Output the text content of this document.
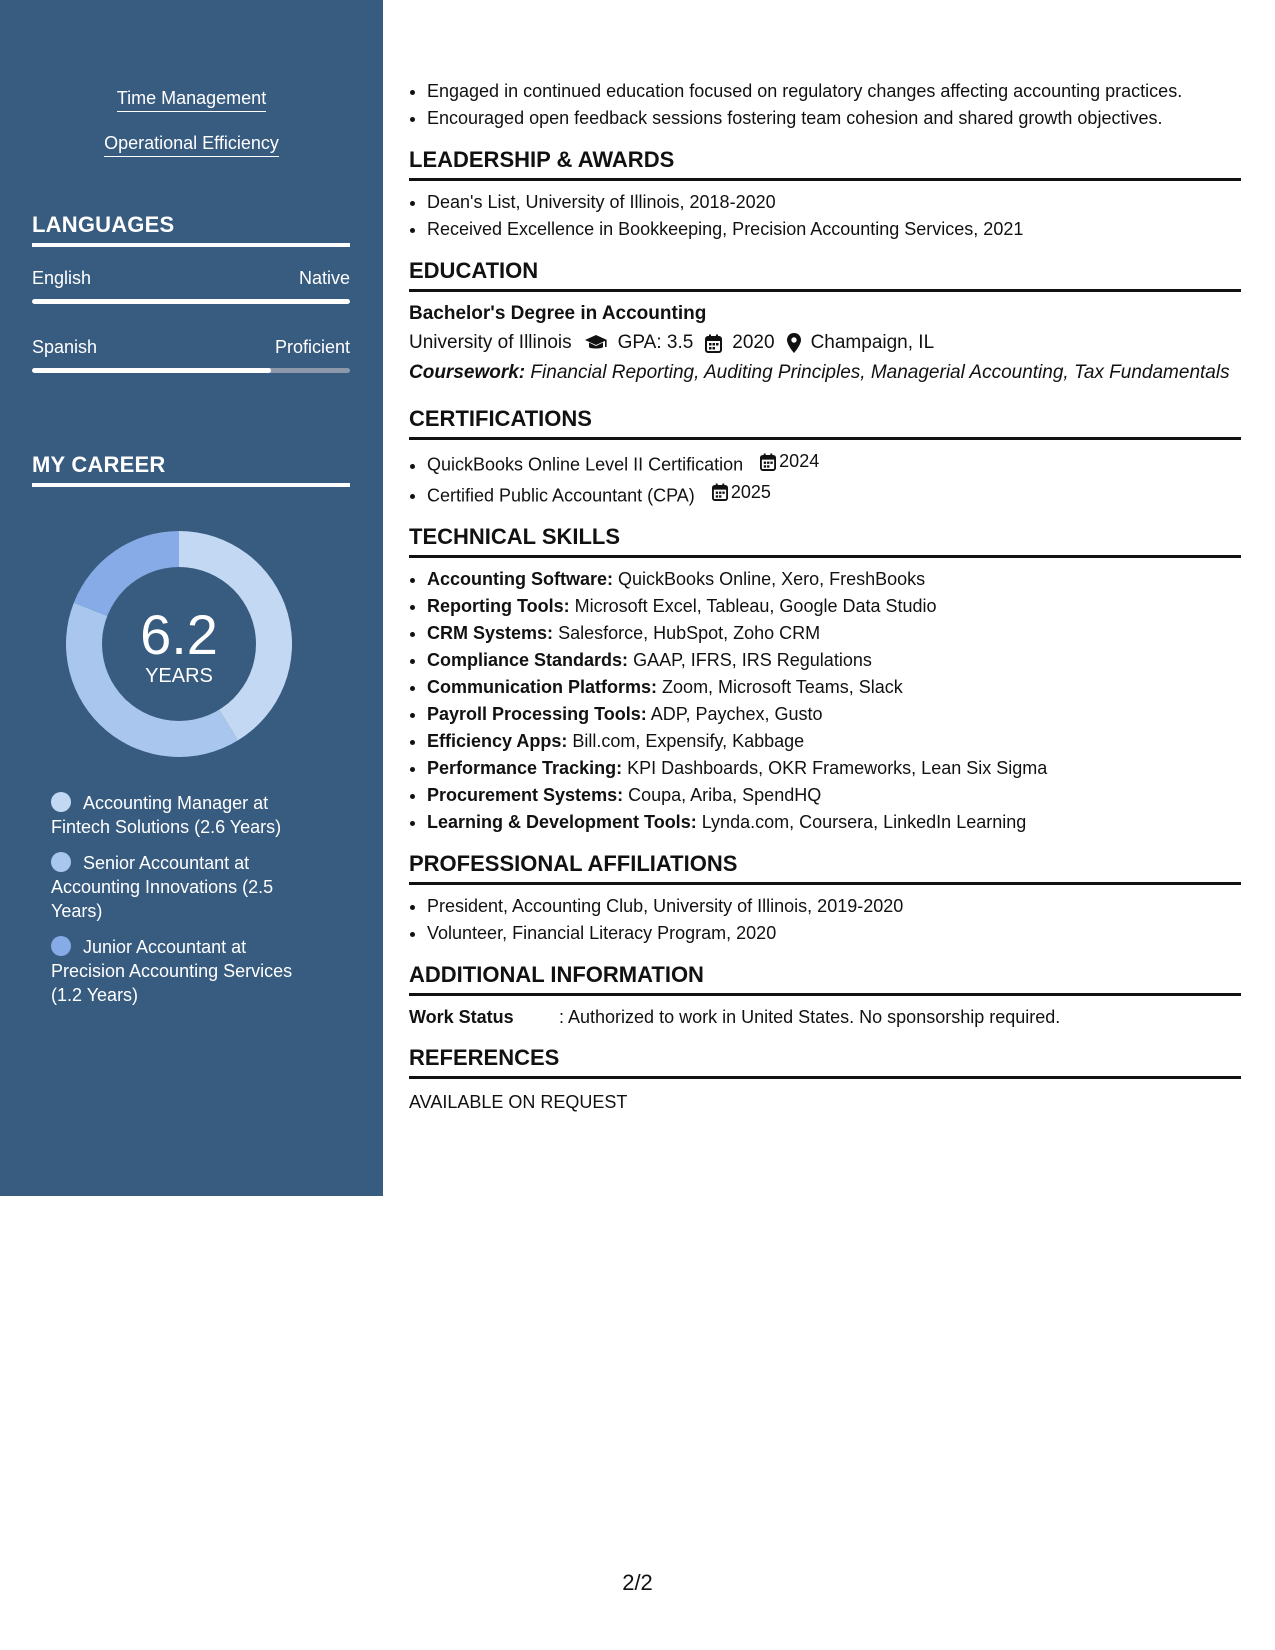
Time Management
Operational Efficiency
LANGUAGES
English	Native
Spanish	Proficient
MY CAREER
6.2
YEARS
Accounting Manager at Fintech Solutions (2.6 Years)
Senior Accountant at Accounting Innovations (2.5 Years)
Junior Accountant at Precision Accounting Services (1.2 Years)
• Engaged in continued education focused on regulatory changes affecting accounting practices.
• Encouraged open feedback sessions fostering team cohesion and shared growth objectives.
LEADERSHIP & AWARDS
• Dean's List, University of Illinois, 2018-2020
• Received Excellence in Bookkeeping, Precision Accounting Services, 2021
EDUCATION
Bachelor's Degree in Accounting
University of Illinois GPA: 3.5 2020 Champaign, IL
Coursework: Financial Reporting, Auditing Principles, Managerial Accounting, Tax Fundamentals
CERTIFICATIONS
• QuickBooks Online Level II Certification 2024
• Certified Public Accountant (CPA) 2025
TECHNICAL SKILLS
• Accounting Software: QuickBooks Online, Xero, FreshBooks
• Reporting Tools: Microsoft Excel, Tableau, Google Data Studio
• CRM Systems: Salesforce, HubSpot, Zoho CRM
• Compliance Standards: GAAP, IFRS, IRS Regulations
• Communication Platforms: Zoom, Microsoft Teams, Slack
• Payroll Processing Tools: ADP, Paychex, Gusto
• Efficiency Apps: Bill.com, Expensify, Kabbage
• Performance Tracking: KPI Dashboards, OKR Frameworks, Lean Six Sigma
• Procurement Systems: Coupa, Ariba, SpendHQ
• Learning & Development Tools: Lynda.com, Coursera, LinkedIn Learning
PROFESSIONAL AFFILIATIONS
• President, Accounting Club, University of Illinois, 2019-2020
• Volunteer, Financial Literacy Program, 2020
ADDITIONAL INFORMATION
Work Status	: Authorized to work in United States. No sponsorship required.
REFERENCES
AVAILABLE ON REQUEST
2/2
